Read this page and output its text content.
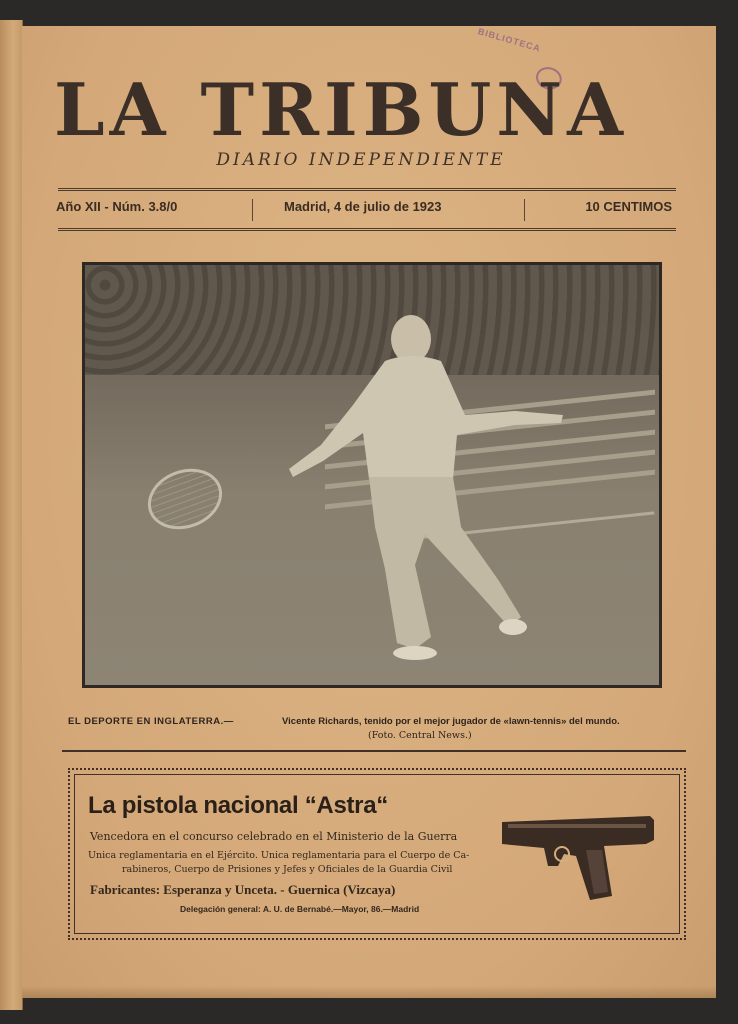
BIBLIOTECA
LA TRIBUNA
DIARIO INDEPENDIENTE
Año XII - Núm. 3.8/0	Madrid, 4 de julio de 1923	10 CENTIMOS
EL DEPORTE EN INGLATERRA.—	Vicente Richards, tenido por el mejor jugador de «lawn-tennis» del mundo.
(Foto. Central News.)
La pistola nacional “Astra“
Vencedora en el concurso celebrado en el Ministerio de la Guerra
Unica reglamentaria en el Ejército. Unica reglamentaria para el Cuerpo de Ca-
rabineros, Cuerpo de Prisiones y Jefes y Oficiales de la Guardia Civil
Fabricantes: Esperanza y Unceta. - Guernica (Vizcaya)
Delegación general: A. U. de Bernabé.—Mayor, 86.—Madrid
